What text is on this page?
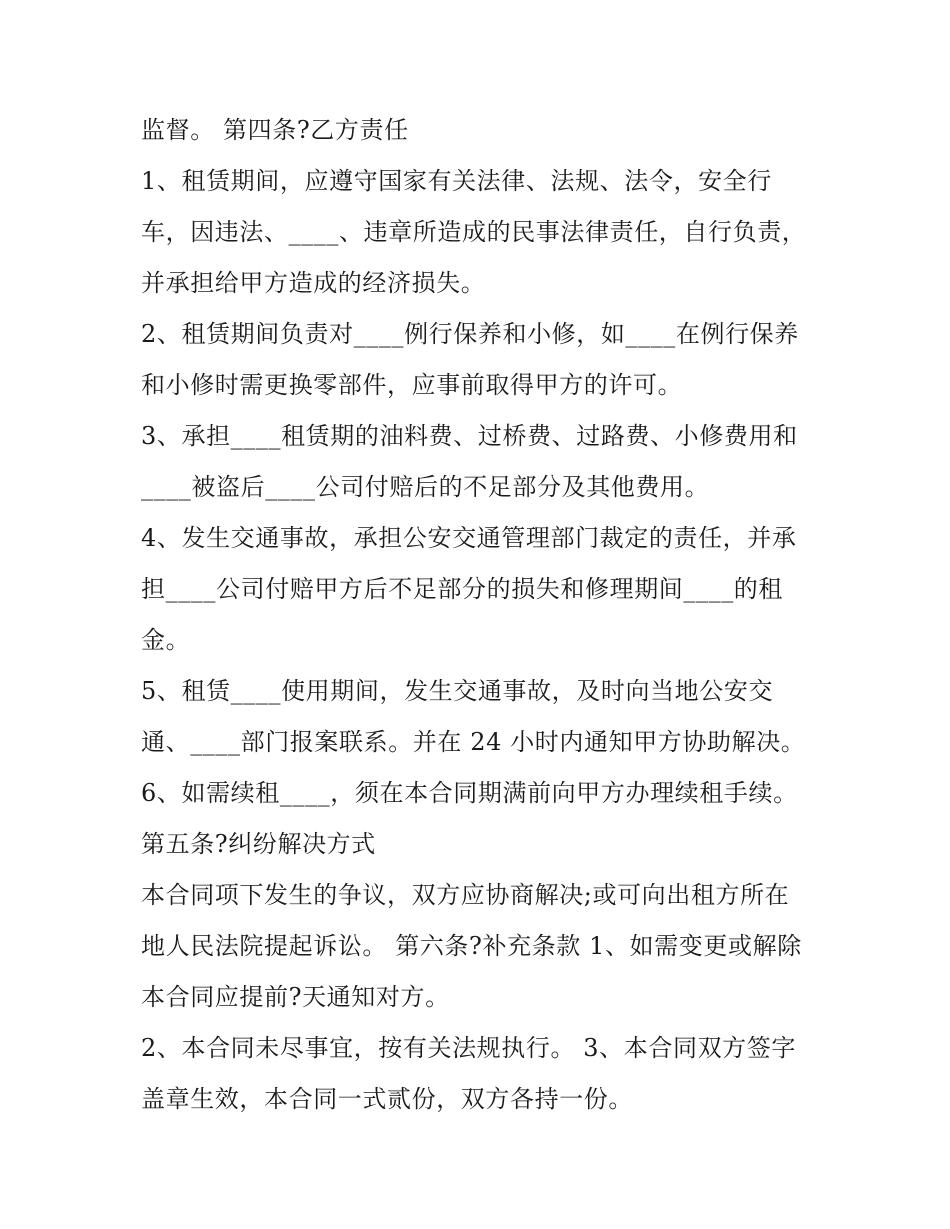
监督。 第四条?乙方责任
1、租赁期间，应遵守国家有关法律、法规、法令，安全行
车，因违法、____、违章所造成的民事法律责任，自行负责，
并承担给甲方造成的经济损失。
2、租赁期间负责对____例行保养和小修，如____在例行保养
和小修时需更换零部件，应事前取得甲方的许可。
3、承担____租赁期的油料费、过桥费、过路费、小修费用和
____被盗后____公司付赔后的不足部分及其他费用。
4、发生交通事故，承担公安交通管理部门裁定的责任，并承
担____公司付赔甲方后不足部分的损失和修理期间____的租
金。
5、租赁____使用期间，发生交通事故，及时向当地公安交
通、____部门报案联系。并在 24 小时内通知甲方协助解决。
6、如需续租____，须在本合同期满前向甲方办理续租手续。
第五条?纠纷解决方式
本合同项下发生的争议，双方应协商解决;或可向出租方所在
地人民法院提起诉讼。 第六条?补充条款 1、如需变更或解除
本合同应提前?天通知对方。
2、本合同未尽事宜，按有关法规执行。 3、本合同双方签字
盖章生效，本合同一式贰份，双方各持一份。
